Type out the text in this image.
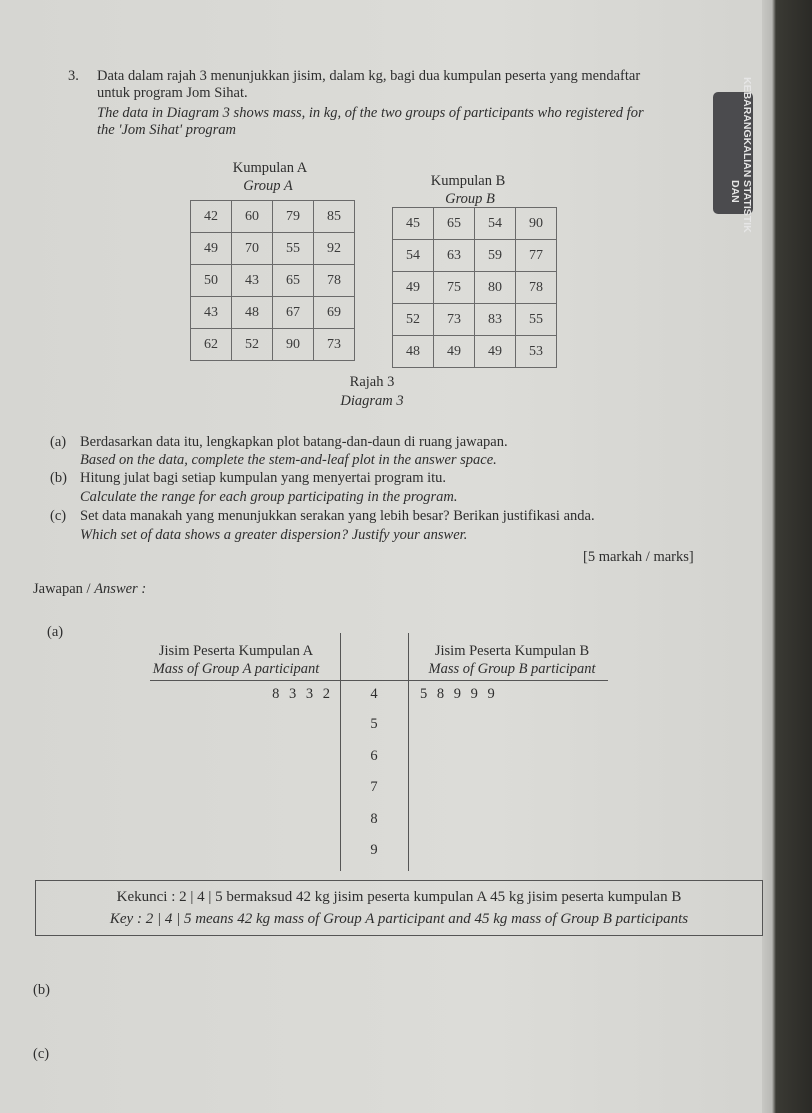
STATISTIK DAN
KEBARANGKALIAN
3. Data dalam rajah 3 menunjukkan jisim, dalam kg, bagi dua kumpulan peserta yang mendaftar
untuk program Jom Sihat.
The data in Diagram 3 shows mass, in kg, of the two groups of participants who registered for
the 'Jom Sihat' program
Kumpulan A
Group A
42	60	79	85
49	70	55	92
50	43	65	78
43	48	67	69
62	52	90	73
Kumpulan B
Group B
45	65	54	90
54	63	59	77
49	75	80	78
52	73	83	55
48	49	49	53
Rajah 3
Diagram 3
(a) Berdasarkan data itu, lengkapkan plot batang-dan-daun di ruang jawapan.
Based on the data, complete the stem-and-leaf plot in the answer space.
(b) Hitung julat bagi setiap kumpulan yang menyertai program itu.
Calculate the range for each group participating in the program.
(c) Set data manakah yang menunjukkan serakan yang lebih besar? Berikan justifikasi anda.
Which set of data shows a greater dispersion? Justify your answer.
[5 markah / marks]
Jawapan / Answer :
(a)
Jisim Peserta Kumpulan A
Mass of Group A participant
Jisim Peserta Kumpulan B
Mass of Group B participant
8 3 3 2	4	5 8 9 9 9
5
6
7
8
9
Kekunci : 2 | 4 | 5 bermaksud 42 kg jisim peserta kumpulan A 45 kg jisim peserta kumpulan B
Key : 2 | 4 | 5 means 42 kg mass of Group A participant and 45 kg mass of Group B participants
(b)
(c)
